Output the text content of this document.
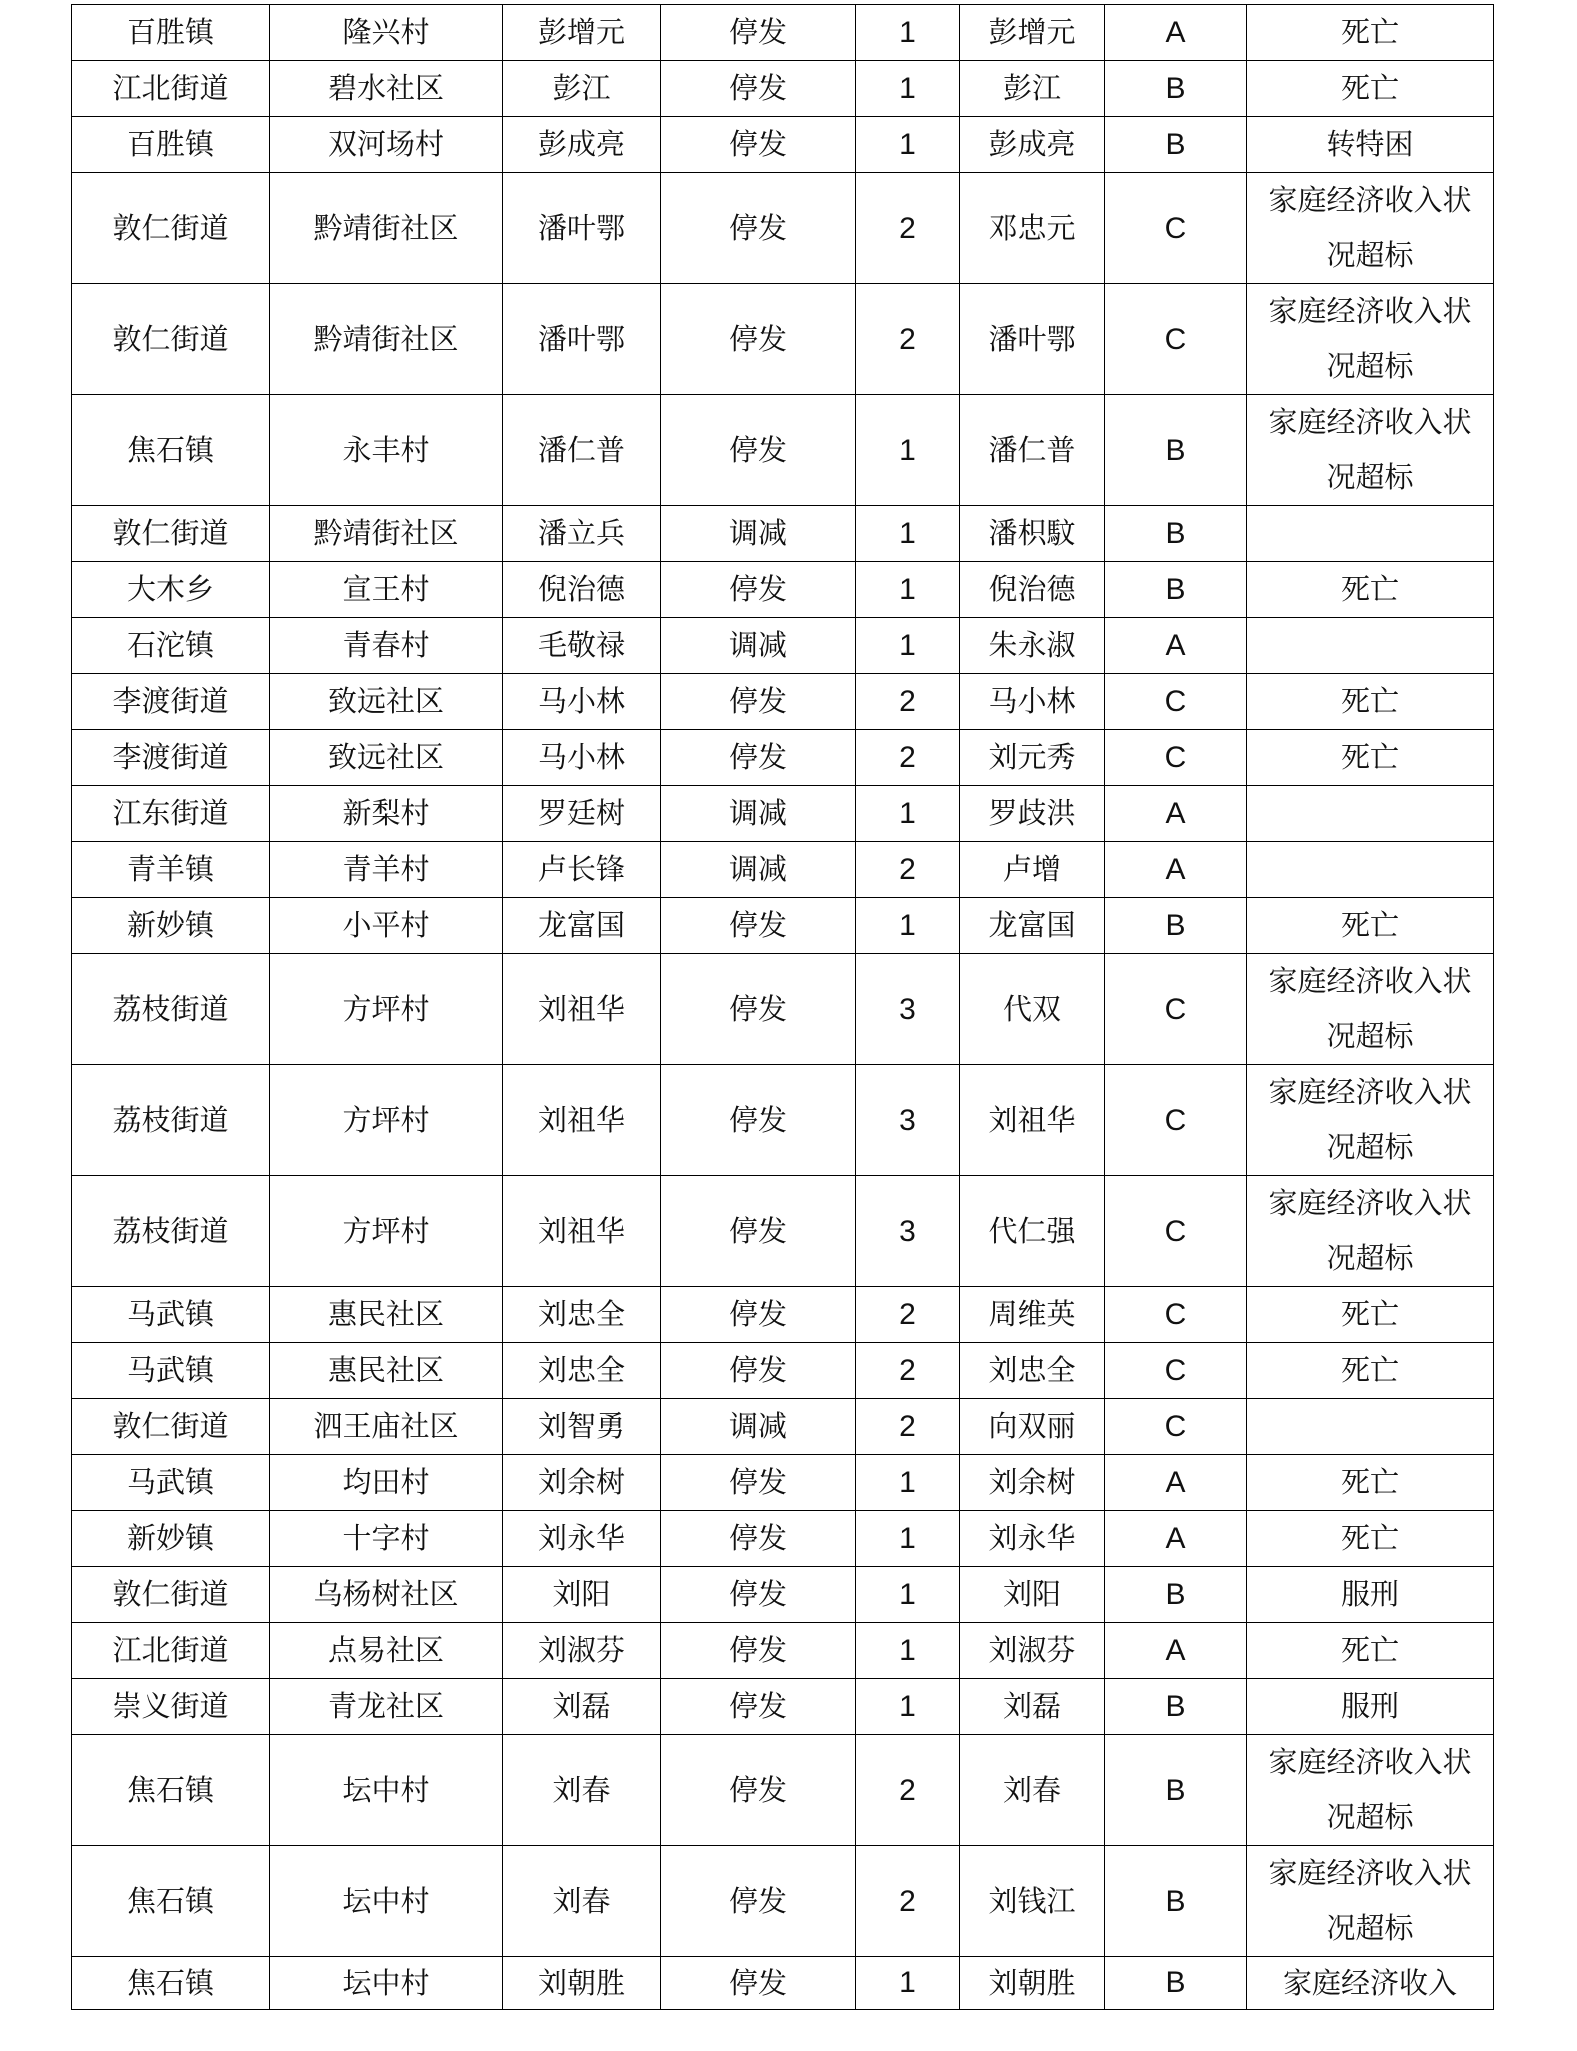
百胜镇	隆兴村	彭增元	停发	1	彭增元	A	死亡
江北街道	碧水社区	彭江	停发	1	彭江	B	死亡
百胜镇	双河场村	彭成亮	停发	1	彭成亮	B	转特困
敦仁街道	黔靖街社区	潘叶鄂	停发	2	邓忠元	C	家庭经济收入状况超标
敦仁街道	黔靖街社区	潘叶鄂	停发	2	潘叶鄂	C	家庭经济收入状况超标
焦石镇	永丰村	潘仁普	停发	1	潘仁普	B	家庭经济收入状况超标
敦仁街道	黔靖街社区	潘立兵	调减	1	潘枳馼	B	
大木乡	宣王村	倪治德	停发	1	倪治德	B	死亡
石沱镇	青春村	毛敬禄	调减	1	朱永淑	A	
李渡街道	致远社区	马小林	停发	2	马小林	C	死亡
李渡街道	致远社区	马小林	停发	2	刘元秀	C	死亡
江东街道	新梨村	罗廷树	调减	1	罗歧洪	A	
青羊镇	青羊村	卢长锋	调减	2	卢增	A	
新妙镇	小平村	龙富国	停发	1	龙富国	B	死亡
荔枝街道	方坪村	刘祖华	停发	3	代双	C	家庭经济收入状况超标
荔枝街道	方坪村	刘祖华	停发	3	刘祖华	C	家庭经济收入状况超标
荔枝街道	方坪村	刘祖华	停发	3	代仁强	C	家庭经济收入状况超标
马武镇	惠民社区	刘忠全	停发	2	周维英	C	死亡
马武镇	惠民社区	刘忠全	停发	2	刘忠全	C	死亡
敦仁街道	泗王庙社区	刘智勇	调减	2	向双丽	C	
马武镇	均田村	刘余树	停发	1	刘余树	A	死亡
新妙镇	十字村	刘永华	停发	1	刘永华	A	死亡
敦仁街道	乌杨树社区	刘阳	停发	1	刘阳	B	服刑
江北街道	点易社区	刘淑芬	停发	1	刘淑芬	A	死亡
崇义街道	青龙社区	刘磊	停发	1	刘磊	B	服刑
焦石镇	坛中村	刘春	停发	2	刘春	B	家庭经济收入状况超标
焦石镇	坛中村	刘春	停发	2	刘钱江	B	家庭经济收入状况超标
焦石镇	坛中村	刘朝胜	停发	1	刘朝胜	B	家庭经济收入
